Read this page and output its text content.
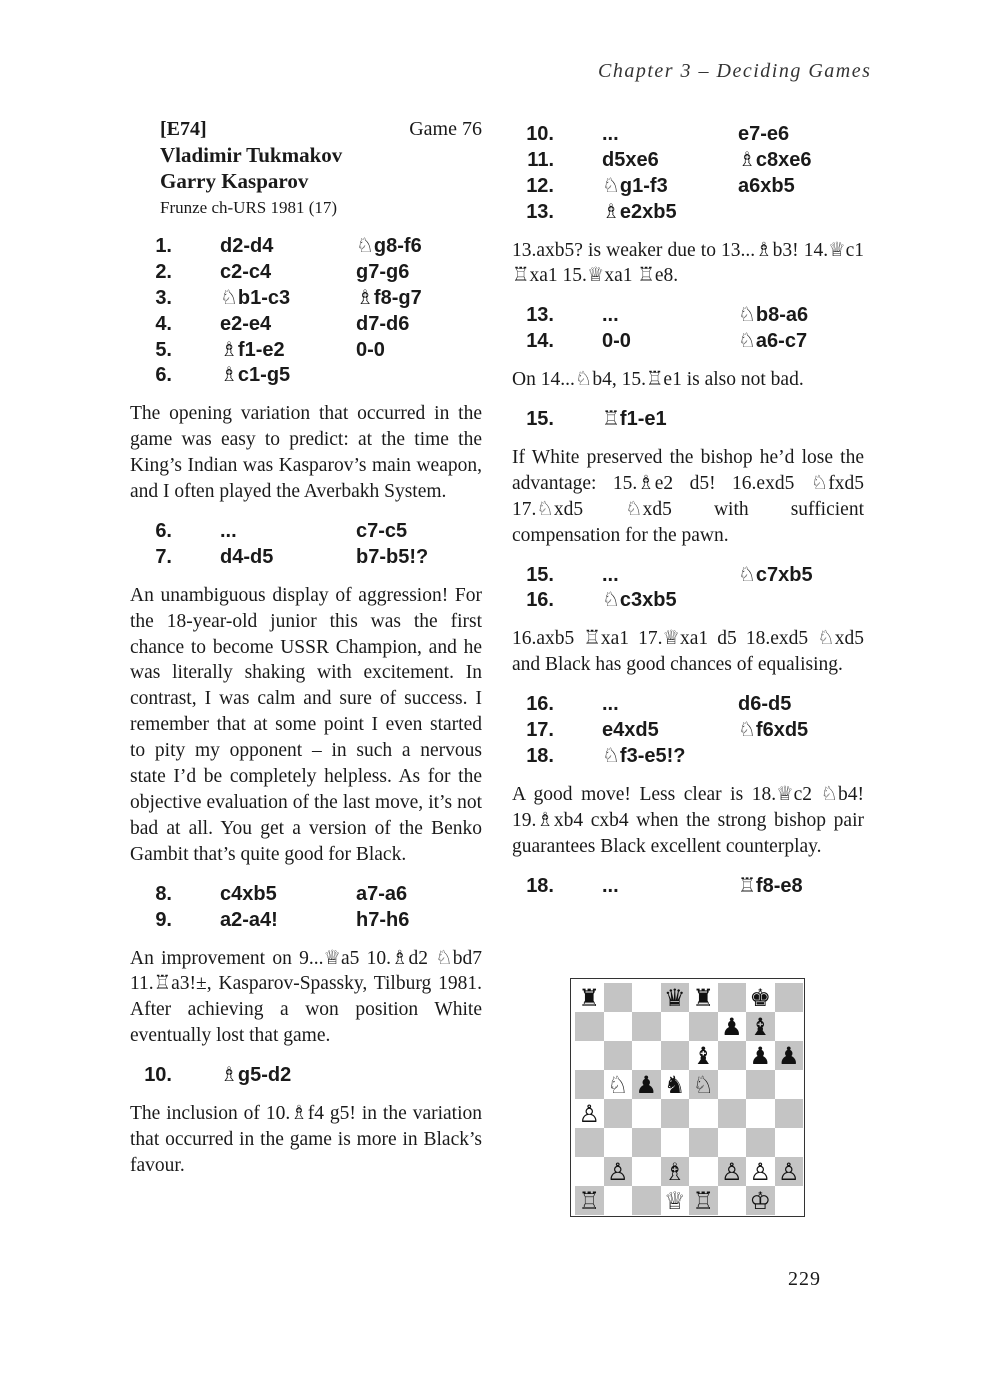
Chapter 3 – Deciding Games
[E74]	Game 76
Vladimir Tukmakov
Garry Kasparov
Frunze ch-URS 1981 (17)
1. d2-d4	♘g8-f6
2. c2-c4	g7-g6
3. ♘b1-c3	♗f8-g7
4. e2-e4	d7-d6
5. ♗f1-e2	0-0
6. ♗c1-g5

The opening variation that occurred in the game was easy to predict: at the time the King’s Indian was Kasparov’s main weapon, and I often played the Averbakh System.

6. ...	c7-c5
7. d4-d5	b7-b5!?

An unambiguous display of aggression! For the 18-year-old junior this was the first chance to become USSR Champion, and he was literally shaking with excitement. In contrast, I was calm and sure of success. I remember that at some point I even started to pity my opponent – in such a nervous state I’d be completely helpless. As for the objective evaluation of the last move, it’s not bad at all. You get a version of the Benko Gambit that’s quite good for Black.

8. c4xb5	a7-a6
9. a2-a4!	h7-h6

An improvement on 9...♕a5 10.♗d2 ♘bd7 11.♖a3!±, Kasparov-Spassky, Tilburg 1981. After achieving a won position White eventually lost that game.

10. ♗g5-d2

The inclusion of 10.♗f4 g5! in the variation that occurred in the game is more in Black’s favour.

10. ...	e7-e6
11. d5xe6	♗c8xe6
12. ♘g1-f3	a6xb5
13. ♗e2xb5

13.axb5? is weaker due to 13...♗b3! 14.♕c1 ♖xa1 15.♕xa1 ♖e8.

13. ...	♘b8-a6
14. 0-0	♘a6-c7

On 14...♘b4, 15.♖e1 is also not bad.

15. ♖f1-e1

If White preserved the bishop he’d lose the advantage: 15.♗e2 d5! 16.exd5 ♘fxd5 17.♘xd5 ♘xd5 with sufficient compensation for the pawn.

15. ...	♘c7xb5
16. ♘c3xb5

16.axb5 ♖xa1 17.♕xa1 d5 18.exd5 ♘xd5 and Black has good chances of equalising.

16. ...	d6-d5
17. e4xd5	♘f6xd5
18. ♘f3-e5!?

A good move! Less clear is 18.♕c2 ♘b4! 19.♗xb4 cxb4 when the strong bishop pair guarantees Black excellent counterplay.

18. ...	♖f8-e8
♜	♛ ♜ ♚
♟ ♝
♝ ♟ ♟
♘ ♟ ♞ ♘
♙
♙ ♗ ♙ ♙ ♙
♖	♕ ♖ ♔
229
